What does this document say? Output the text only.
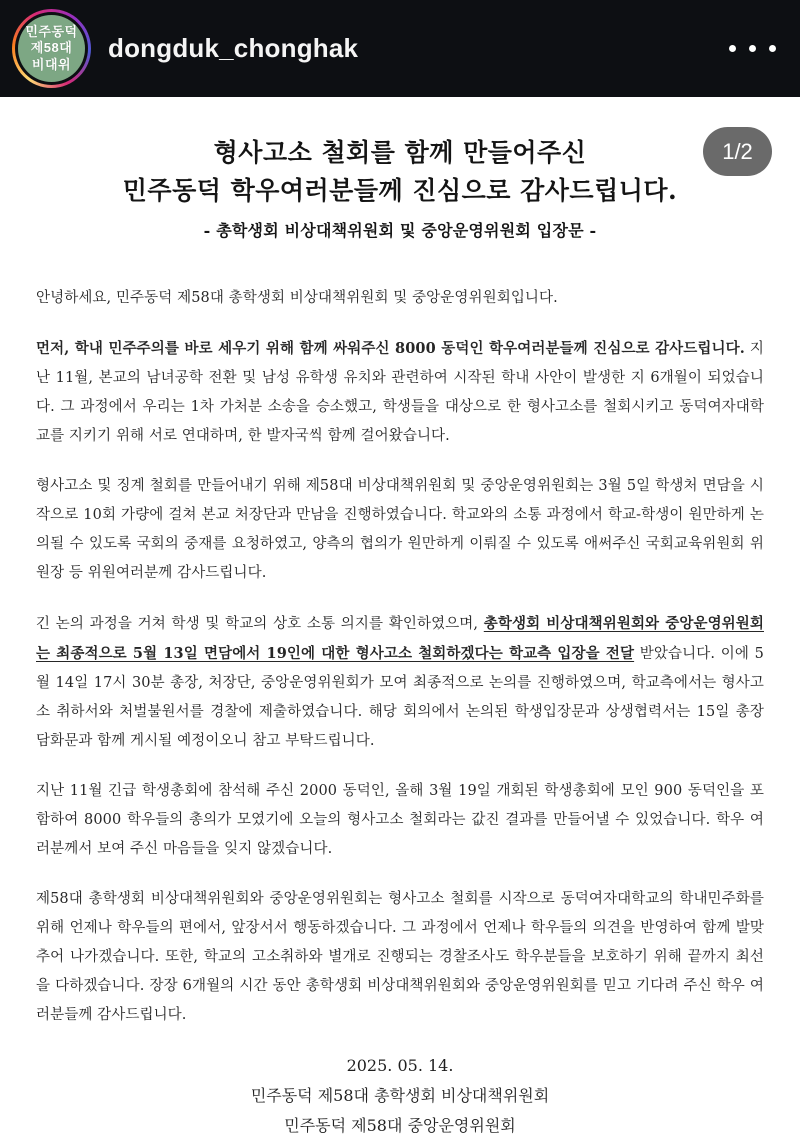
민주동덕
제58대
비대위
dongduk_chonghak
1/2
형사고소 철회를 함께 만들어주신
민주동덕 학우여러분들께 진심으로 감사드립니다.
- 총학생회 비상대책위원회 및 중앙운영위원회 입장문 -

안녕하세요, 민주동덕 제58대 총학생회 비상대책위원회 및 중앙운영위원회입니다.

먼저, 학내 민주주의를 바로 세우기 위해 함께 싸워주신 8000 동덕인 학우여러분들께 진심으로 감사드립니다. 지난 11월, 본교의 남녀공학 전환 및 남성 유학생 유치와 관련하여 시작된 학내 사안이 발생한 지 6개월이 되었습니다. 그 과정에서 우리는 1차 가처분 소송을 승소했고, 학생들을 대상으로 한 형사고소를 철회시키고 동덕여자대학교를 지키기 위해 서로 연대하며, 한 발자국씩 함께 걸어왔습니다.

형사고소 및 징계 철회를 만들어내기 위해 제58대 비상대책위원회 및 중앙운영위원회는 3월 5일 학생처 면담을 시작으로 10회 가량에 걸쳐 본교 처장단과 만남을 진행하였습니다. 학교와의 소통 과정에서 학교-학생이 원만하게 논의될 수 있도록 국회의 중재를 요청하였고, 양측의 협의가 원만하게 이뤄질 수 있도록 애써주신 국회교육위원회 위원장 등 위원여러분께 감사드립니다.

긴 논의 과정을 거쳐 학생 및 학교의 상호 소통 의지를 확인하였으며, 총학생회 비상대책위원회와 중앙운영위원회는 최종적으로 5월 13일 면담에서 19인에 대한 형사고소 철회하겠다는 학교측 입장을 전달 받았습니다. 이에 5월 14일 17시 30분 총장, 처장단, 중앙운영위원회가 모여 최종적으로 논의를 진행하였으며, 학교측에서는 형사고소 취하서와 처벌불원서를 경찰에 제출하였습니다. 해당 회의에서 논의된 학생입장문과 상생협력서는 15일 총장 담화문과 함께 게시될 예정이오니 참고 부탁드립니다.

지난 11월 긴급 학생총회에 참석해 주신 2000 동덕인, 올해 3월 19일 개회된 학생총회에 모인 900 동덕인을 포함하여 8000 학우들의 총의가 모였기에 오늘의 형사고소 철회라는 값진 결과를 만들어낼 수 있었습니다. 학우 여러분께서 보여 주신 마음들을 잊지 않겠습니다.

제58대 총학생회 비상대책위원회와 중앙운영위원회는 형사고소 철회를 시작으로 동덕여자대학교의 학내민주화를 위해 언제나 학우들의 편에서, 앞장서서 행동하겠습니다. 그 과정에서 언제나 학우들의 의견을 반영하여 함께 발맞추어 나가겠습니다. 또한, 학교의 고소취하와 별개로 진행되는 경찰조사도 학우분들을 보호하기 위해 끝까지 최선을 다하겠습니다. 장장 6개월의 시간 동안 총학생회 비상대책위원회와 중앙운영위원회를 믿고 기다려 주신 학우 여러분들께 감사드립니다.

2025. 05. 14.
민주동덕 제58대 총학생회 비상대책위원회
민주동덕 제58대 중앙운영위원회
